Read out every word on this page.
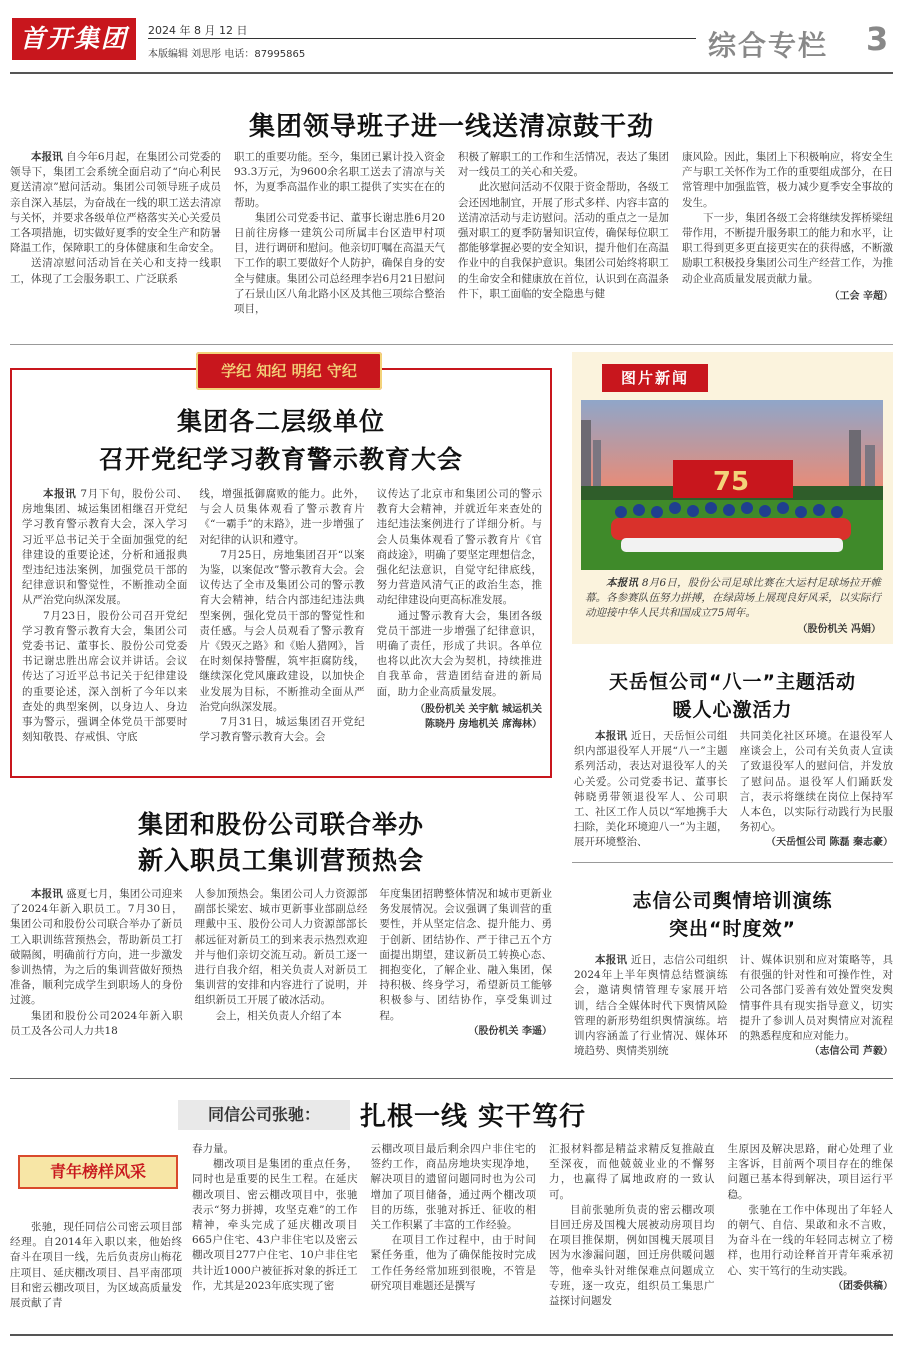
首开集团	2024 年 8 月 12 日
本版编辑 刘思彤 电话：87995865	综合专栏 3
集团领导班子进一线送清凉鼓干劲

本报讯 自今年6月起，在集团公司党委的领导下，集团工会系统全面启动了“向心利民 夏送清凉”慰问活动。集团公司领导班子成员亲自深入基层，为奋战在一线的职工送去清凉与关怀，并要求各级单位严格落实关心关爱员工各项措施，切实做好夏季的安全生产和防暑降温工作，保障职工的身体健康和生命安全。

送清凉慰问活动旨在关心和支持一线职工，体现了工会服务职工、广泛联系

职工的重要功能。至今，集团已累计投入资金93.3万元，为9600余名职工送去了清凉与关怀，为夏季高温作业的职工提供了实实在在的帮助。

集团公司党委书记、董事长谢忠胜6月20日前往房修一建筑公司所属丰台区造甲村项目，进行调研和慰问。他亲切叮嘱在高温天气下工作的职工要做好个人防护，确保自身的安全与健康。集团公司总经理李岩6月21日慰问了石景山区八角北路小区及其他三项综合整治项目，

积极了解职工的工作和生活情况，表达了集团对一线员工的关心和关爱。

此次慰问活动不仅限于资金帮助，各级工会还因地制宜，开展了形式多样、内容丰富的送清凉活动与走访慰问。活动的重点之一是加强对职工的夏季防暑知识宣传，确保每位职工都能够掌握必要的安全知识，提升他们在高温作业中的自我保护意识。集团公司始终将职工的生命安全和健康放在首位，认识到在高温条件下，职工面临的安全隐患与健

康风险。因此，集团上下积极响应，将安全生产与职工关怀作为工作的重要组成部分，在日常管理中加强监管，极力减少夏季安全事故的发生。

下一步，集团各级工会将继续发挥桥梁纽带作用，不断提升服务职工的能力和水平，让职工得到更多更直接更实在的获得感，不断激励职工积极投身集团公司生产经营工作，为推动企业高质量发展贡献力量。

（工会 辛超）
学纪 知纪 明纪 守纪
集团各二层级单位
召开党纪学习教育警示教育大会

本报讯 7月下旬，股份公司、房地集团、城运集团相继召开党纪学习教育警示教育大会，深入学习习近平总书记关于全面加强党的纪律建设的重要论述，分析和通报典型违纪违法案例，加强党员干部的纪律意识和警觉性，不断推动全面从严治党向纵深发展。

7月23日，股份公司召开党纪学习教育警示教育大会，集团公司党委书记、董事长、股份公司党委书记谢忠胜出席会议并讲话。会议传达了习近平总书记关于纪律建设的重要论述，深入剖析了今年以来查处的典型案例，以身边人、身边事为警示，强调全体党员干部要时刻知敬畏、存戒惧、守底

线，增强抵御腐败的能力。此外，与会人员集体观看了警示教育片《“一霸手”的末路》，进一步增强了对纪律的认识和遵守。

7月25日，房地集团召开“以案为鉴，以案促改”警示教育大会。会议传达了全市及集团公司的警示教育大会精神，结合内部违纪违法典型案例，强化党员干部的警觉性和责任感。与会人员观看了警示教育片《毁灭之路》和《贻人猎网》，旨在时刻保持警醒，筑牢拒腐防线，继续深化党风廉政建设，以加快企业发展为目标，不断推动全面从严治党向纵深发展。

7月31日，城运集团召开党纪学习教育警示教育大会。会

议传达了北京市和集团公司的警示教育大会精神，并就近年来查处的违纪违法案例进行了详细分析。与会人员集体观看了警示教育片《官商歧途》，明确了要坚定理想信念，强化纪法意识，自觉守纪律底线，努力营造风清气正的政治生态，推动纪律建设向更高标准发展。

通过警示教育大会，集团各级党员干部进一步增强了纪律意识，明确了责任，形成了共识。各单位也将以此次大会为契机，持续推进自我革命，营造团结奋进的新局面，助力企业高质量发展。

（股份机关 关宇航 城运机关
陈晓丹 房地机关 席海林）
图片新闻
75

本报讯 8月6日，股份公司足球比赛在大运村足球场拉开帷幕。各参赛队伍努力拼搏，在绿茵场上展现良好风采，以实际行动迎接中华人民共和国成立75周年。

（股份机关 冯娟）
天岳恒公司“八一”主题活动
暖人心激活力

本报讯 近日，天岳恒公司组织内部退役军人开展“八一”主题系列活动，表达对退役军人的关心关爱。公司党委书记、董事长韩晓勇带领退役军人、公司职工、社区工作人员以“军地携手大扫除，美化环境迎八一”为主题，展开环境整治、

共同美化社区环境。在退役军人座谈会上，公司有关负责人宣读了致退役军人的慰问信，并发放了慰问品。退役军人们踊跃发言，表示将继续在岗位上保持军人本色，以实际行动践行为民服务初心。

（天岳恒公司 陈磊 秦志豪）
集团和股份公司联合举办
新入职员工集训营预热会

本报讯 盛夏七月，集团公司迎来了2024年新入职员工。7月30日，集团公司和股份公司联合举办了新员工入职训练营预热会，帮助新员工打破隔阂，明确前行方向，进一步激发参训热情，为之后的集训营做好预热准备，顺利完成学生到职场人的身份过渡。

集团和股份公司2024年新入职员工及各公司人力共18

人参加预热会。集团公司人力资源部副部长梁宏、城市更新事业部副总经理戴中玉、股份公司人力资源部部长郝远征对新员工的到来表示热烈欢迎并与他们亲切交流互动。新员工逐一进行自我介绍，相关负责人对新员工集训营的安排和内容进行了说明，并组织新员工开展了破冰活动。

会上，相关负责人介绍了本

年度集团招聘整体情况和城市更新业务发展情况。会议强调了集训营的重要性，并从坚定信念、提升能力、勇于创新、团结协作、严于律己五个方面提出期望，建议新员工转换心态、拥抱变化，了解企业、融入集团，保持积极、终身学习，希望新员工能够积极参与、团结协作，享受集训过程。

（股份机关 李遥）
志信公司舆情培训演练
突出“时度效”

本报讯 近日，志信公司组织2024年上半年舆情总结暨演练会，邀请舆情管理专家展开培训，结合全媒体时代下舆情风险管理的新形势组织舆情演练。培训内容涵盖了行业情况、媒体环境趋势、舆情类别统

计、媒体识别和应对策略等，具有很强的针对性和可操作性，对公司各部门妥善有效处置突发舆情事件具有现实指导意义，切实提升了参训人员对舆情应对流程的熟悉程度和应对能力。

（志信公司 芦毅）
同信公司张驰：	扎根一线 实干笃行
青年榜样风采

张驰，现任同信公司密云项目部经理。自2014年入职以来，他始终奋斗在项目一线，先后负责房山梅花庄项目、延庆棚改项目、昌平南邵项目和密云棚改项目，为区域高质量发展贡献了青

春力量。

棚改项目是集团的重点任务，同时也是重要的民生工程。在延庆棚改项目、密云棚改项目中，张驰表示“努力拼搏，攻坚克难”的工作精神，牵头完成了延庆棚改项目665户住宅、43户非住宅以及密云棚改项目277户住宅、10户非住宅共计近1000户被征拆对象的拆迁工作，尤其是2023年底实现了密

云棚改项目最后剩余四户非住宅的签约工作，商品房地块实现净地，解决项目的遗留问题同时也为公司增加了项目储备，通过两个棚改项目的历练，张驰对拆迁、征收的相关工作积累了丰富的工作经验。

在项目工作过程中，由于时间紧任务重，他为了确保能按时完成工作任务经常加班到很晚，不管是研究项目难题还是撰写

汇报材料都是精益求精反复推敲直至深夜，而他兢兢业业的不懈努力，也赢得了属地政府的一致认可。

目前张驰所负责的密云棚改项目回迁房及国槐大展被动房项目均在项目推保期，例如国槐天展项目因为水渗漏问题，回迁房供暖问题等，他牵头针对维保难点问题成立专班，逐一攻克，组织员工集思广益探讨问题发

生原因及解决思路，耐心处理了业主客诉，目前两个项目存在的维保问题已基本得到解决，项目运行平稳。

张驰在工作中体现出了年轻人的朝气、自信、果敢和永不言败，为奋斗在一线的年轻同志树立了榜样，也用行动诠释首开青年乘承初心、实干笃行的生动实践。

（团委供稿）
